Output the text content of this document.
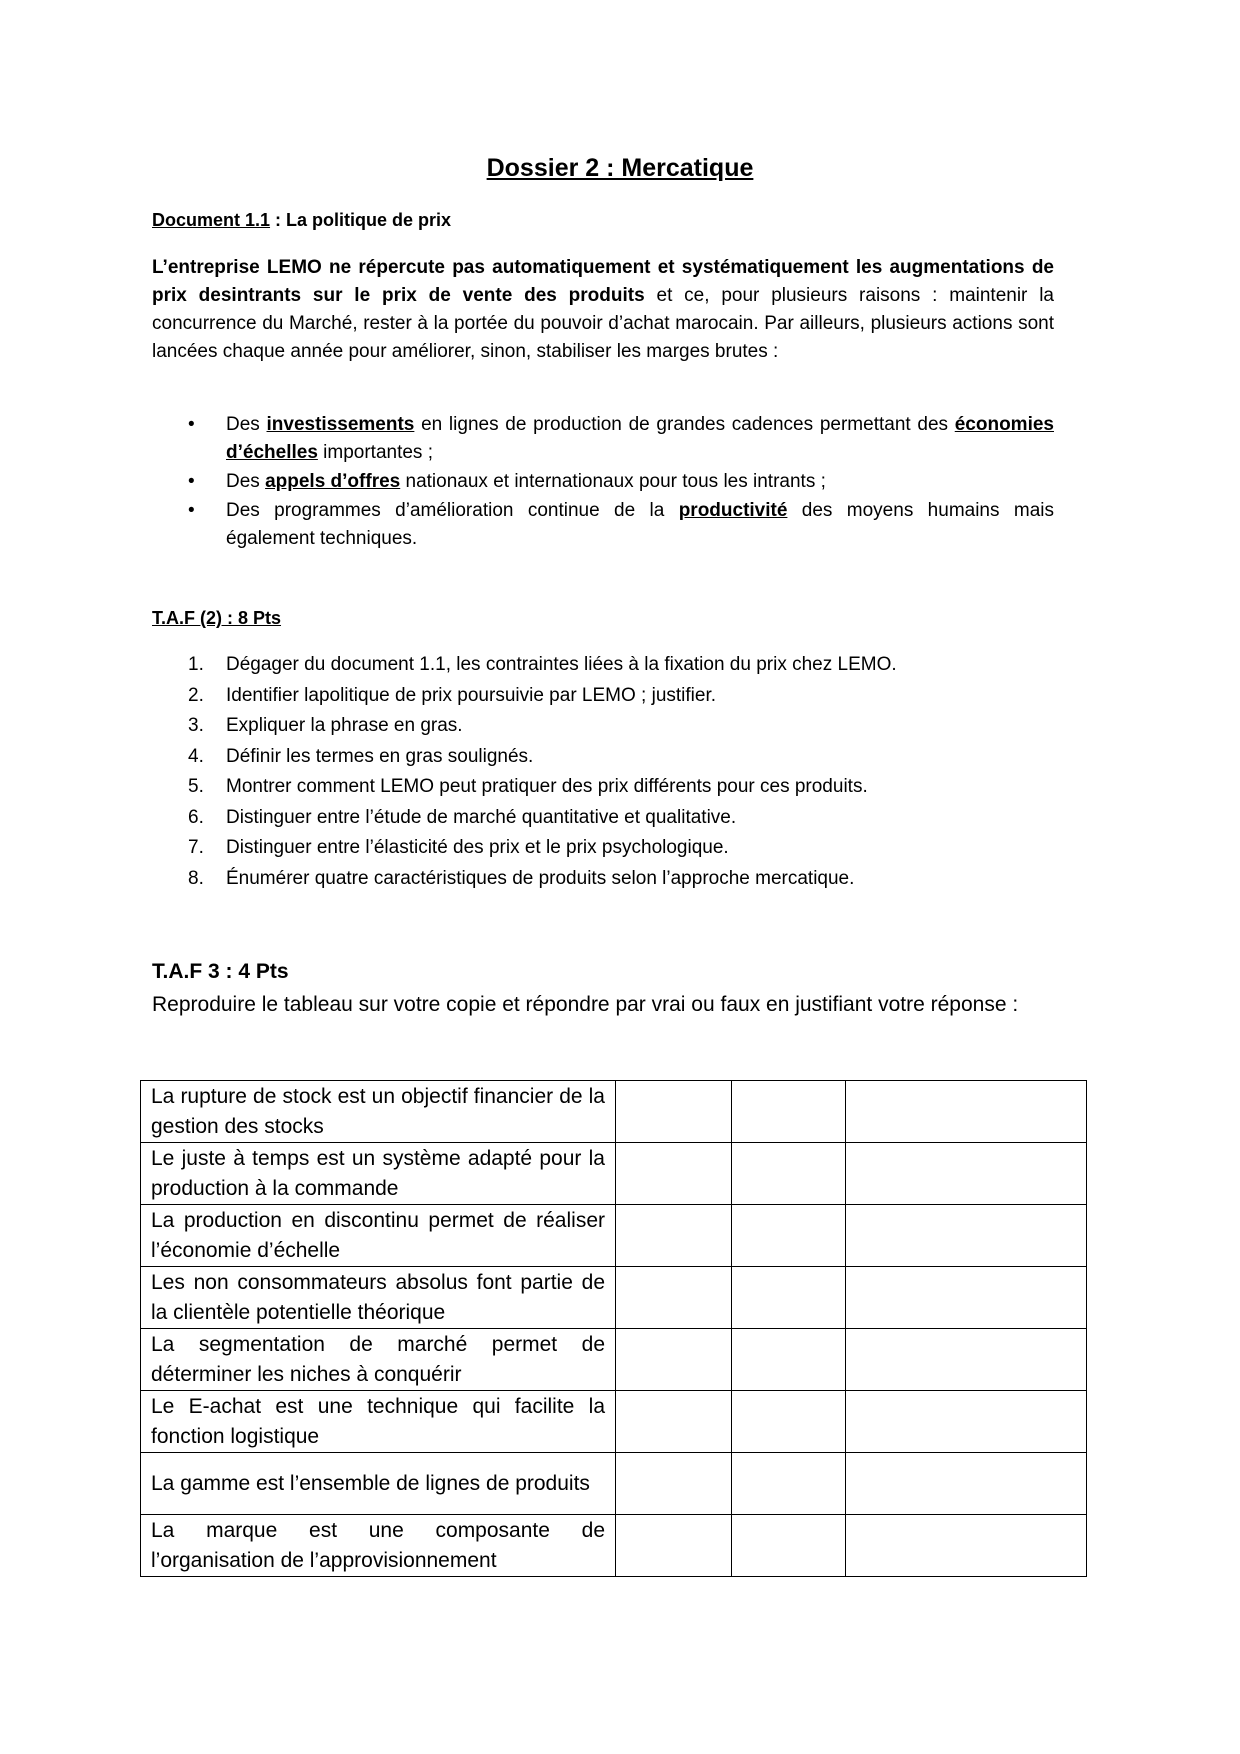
Dossier 2 : Mercatique
Document 1.1 : La politique de prix

L’entreprise LEMO ne répercute pas automatiquement et systématiquement les augmentations de prix desintrants sur le prix de vente des produits et ce, pour plusieurs raisons : maintenir la concurrence du Marché, rester à la portée du pouvoir d’achat marocain. Par ailleurs, plusieurs actions sont lancées chaque année pour améliorer, sinon, stabiliser les marges brutes :

• Des investissements en lignes de production de grandes cadences permettant des économies d’échelles importantes ;
• Des appels d’offres nationaux et internationaux pour tous les intrants ;
• Des programmes d’amélioration continue de la productivité des moyens humains mais également techniques.
T.A.F (2) : 8 Pts
1. Dégager du document 1.1, les contraintes liées à la fixation du prix chez LEMO.
2. Identifier lapolitique de prix poursuivie par LEMO ; justifier.
3. Expliquer la phrase en gras.
4. Définir les termes en gras soulignés.
5. Montrer comment LEMO peut pratiquer des prix différents pour ces produits.
6. Distinguer entre l’étude de marché quantitative et qualitative.
7. Distinguer entre l’élasticité des prix et le prix psychologique.
8. Énumérer quatre caractéristiques de produits selon l’approche mercatique.
T.A.F 3 : 4 Pts

Reproduire le tableau sur votre copie et répondre par vrai ou faux en justifiant votre réponse :

La rupture de stock est un objectif financier de la gestion des stocks			
Le juste à temps est un système adapté pour la production à la commande			
La production en discontinu permet de réaliser l’économie d’échelle			
Les non consommateurs absolus font partie de la clientèle potentielle théorique			
La segmentation de marché permet de déterminer les niches à conquérir			
Le E-achat est une technique qui facilite la fonction logistique			
La gamme est l’ensemble de lignes de produits			
La marque est une composante de l’organisation de l’approvisionnement			
